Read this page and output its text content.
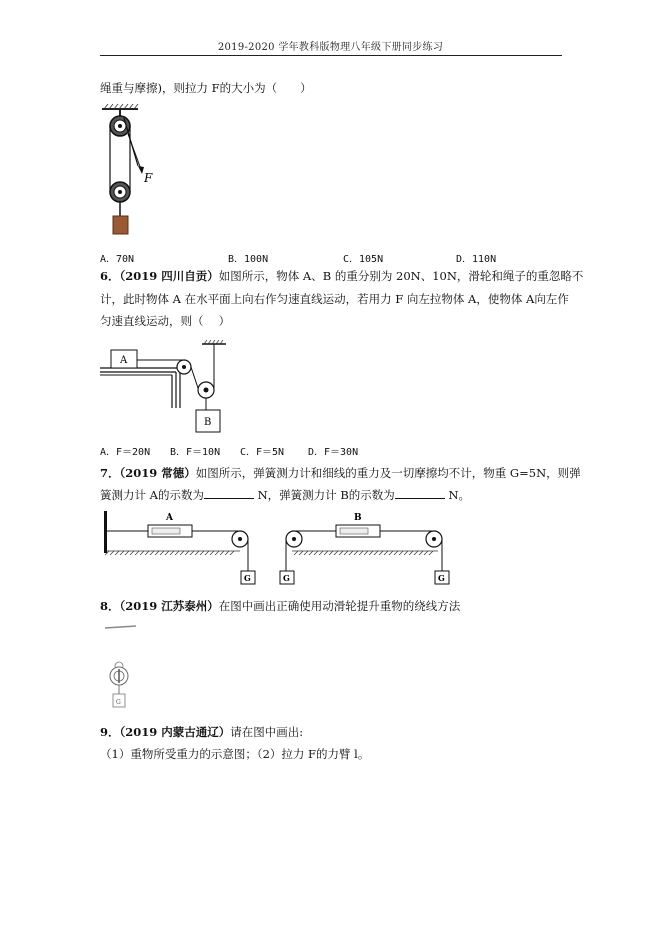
2019-2020 学年教科版物理八年级下册同步练习
绳重与摩擦)，则拉力 F的大小为（　　）
F
A．70N	B．100N	C．105N	D．110N
6．（2019 四川自贡）如图所示，物体 A、B 的重分别为 20N、10N，滑轮和绳子的重忽略不
计，此时物体 A 在水平面上向右作匀速直线运动，若用力 F 向左拉物体 A，使物体 A向左作
匀速直线运动，则（　 ）
A
B
A．F＝20N B．F＝10N C．F＝5N D．F＝30N
7．（2019 常德）如图所示，弹簧测力计和细线的重力及一切摩擦均不计，物重 G=5N，则弹
簧测力计 A的示数为	N，弹簧测力计 B的示数为	N。
A
G	G
B
G
8．（2019 江苏泰州）在图中画出正确使用动滑轮提升重物的绕线方法
G
9．（2019 内蒙古通辽）请在图中画出:
（1）重物所受重力的示意图；（2）拉力 F的力臂 l。
